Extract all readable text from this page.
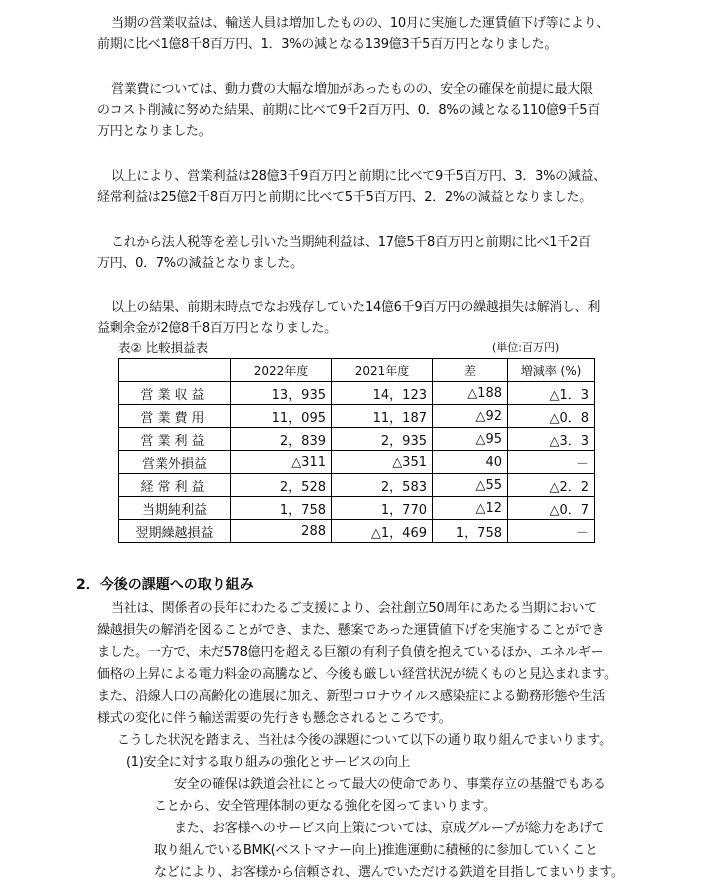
当期の営業収益は、輸送人員は増加したものの、10月に実施した運賃値下げ等により、
前期に比べ1億8千8百万円、1．3%の減となる139億3千5百万円となりました。

営業費については、動力費の大幅な増加があったものの、安全の確保を前提に最大限
のコスト削減に努めた結果、前期に比べて9千2百万円、0．8%の減となる110億9千5百
万円となりました。

以上により、営業利益は28億3千9百万円と前期に比べて9千5百万円、3．3%の減益、
経常利益は25億2千8百万円と前期に比べて5千5百万円、2．2%の減益となりました。

これから法人税等を差し引いた当期純利益は、17億5千8百万円と前期に比べ1千2百
万円、0．7%の減益となりました。

以上の結果、前期末時点でなお残存していた14億6千9百万円の繰越損失は解消し、利
益剰余金が2億8千8百万円となりました。

表② 比較損益表	(単位:百万円)
	2022年度	2021年度	差	増減率 (%)
営業収益	13，935	14，123	△188	△1．3
営業費用	11，095	11，187	△92	△0．8
営業利益	2，839	2，935	△95	△3．3
営業外損益	△311	△351	40	－
経常利益	2，528	2，583	△55	△2．2
当期純利益	1，758	1，770	△12	△0．7
翌期繰越損益	288	△1，469	1，758	－
2．今後の課題への取り組み

当社は、関係者の長年にわたるご支援により、会社創立50周年にあたる当期において
繰越損失の解消を図ることができ、また、懸案であった運賃値下げを実施することができ
ました。一方で、未だ578億円を超える巨額の有利子負債を抱えているほか、エネルギー
価格の上昇による電力料金の高騰など、今後も厳しい経営状況が続くものと見込まれます。
また、沿線人口の高齢化の進展に加え、新型コロナウイルス感染症による勤務形態や生活
様式の変化に伴う輸送需要の先行きも懸念されるところです。

こうした状況を踏まえ、当社は今後の課題について以下の通り取り組んでまいります。

(1)安全に対する取り組みの強化とサービスの向上

安全の確保は鉄道会社にとって最大の使命であり、事業存立の基盤でもある
ことから、安全管理体制の更なる強化を図ってまいります。

また、お客様へのサービス向上策については、京成グループが総力をあげて
取り組んでいるBMK(ベストマナー向上)推進運動に積極的に参加していくこと
などにより、お客様から信頼され、選んでいただける鉄道を目指してまいります。
